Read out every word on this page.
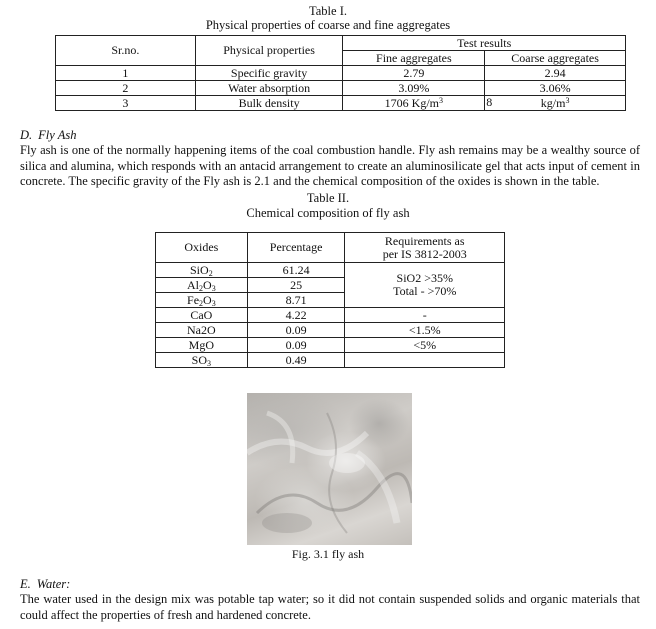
Table I.
Physical properties of coarse and fine aggregates
Sr.no.	Physical properties	Test results	
		Fine aggregates	Coarse aggregates
1	Specific gravity	2.79	2.94
2	Water absorption	3.09%	3.06%
3	Bulk density	1706 $Kg/m^3$	8 $kg/m^3$
D. Fly Ash
Fly ash is one of the normally happening items of the coal combustion handle. Fly ash remains may be a wealthy source of silica and alumina, which responds with an antacid arrangement to create an aluminosilicate gel that acts input of cement in concrete. The specific gravity of the Fly ash is 2.1 and the chemical composition of the oxides is shown in the table.
Table II.
Chemical composition of fly ash
Oxides	Percentage	Requirements as
per IS 3812-2003

SiO$_2$	61.24	SiO2 >35%
Total - >70%

$Al_2O_3$	25	
$Fe_2O_3$	8.71	
CaO	4.22	-
Na2O	0.09	<1.5%
MgO	0.09	<5%
$SO_3$	0.49	
Fig. 3.1 fly ash
E. Water:
The water used in the design mix was potable tap water; so it did not contain suspended solids and organic materials that could affect the properties of fresh and hardened concrete.
